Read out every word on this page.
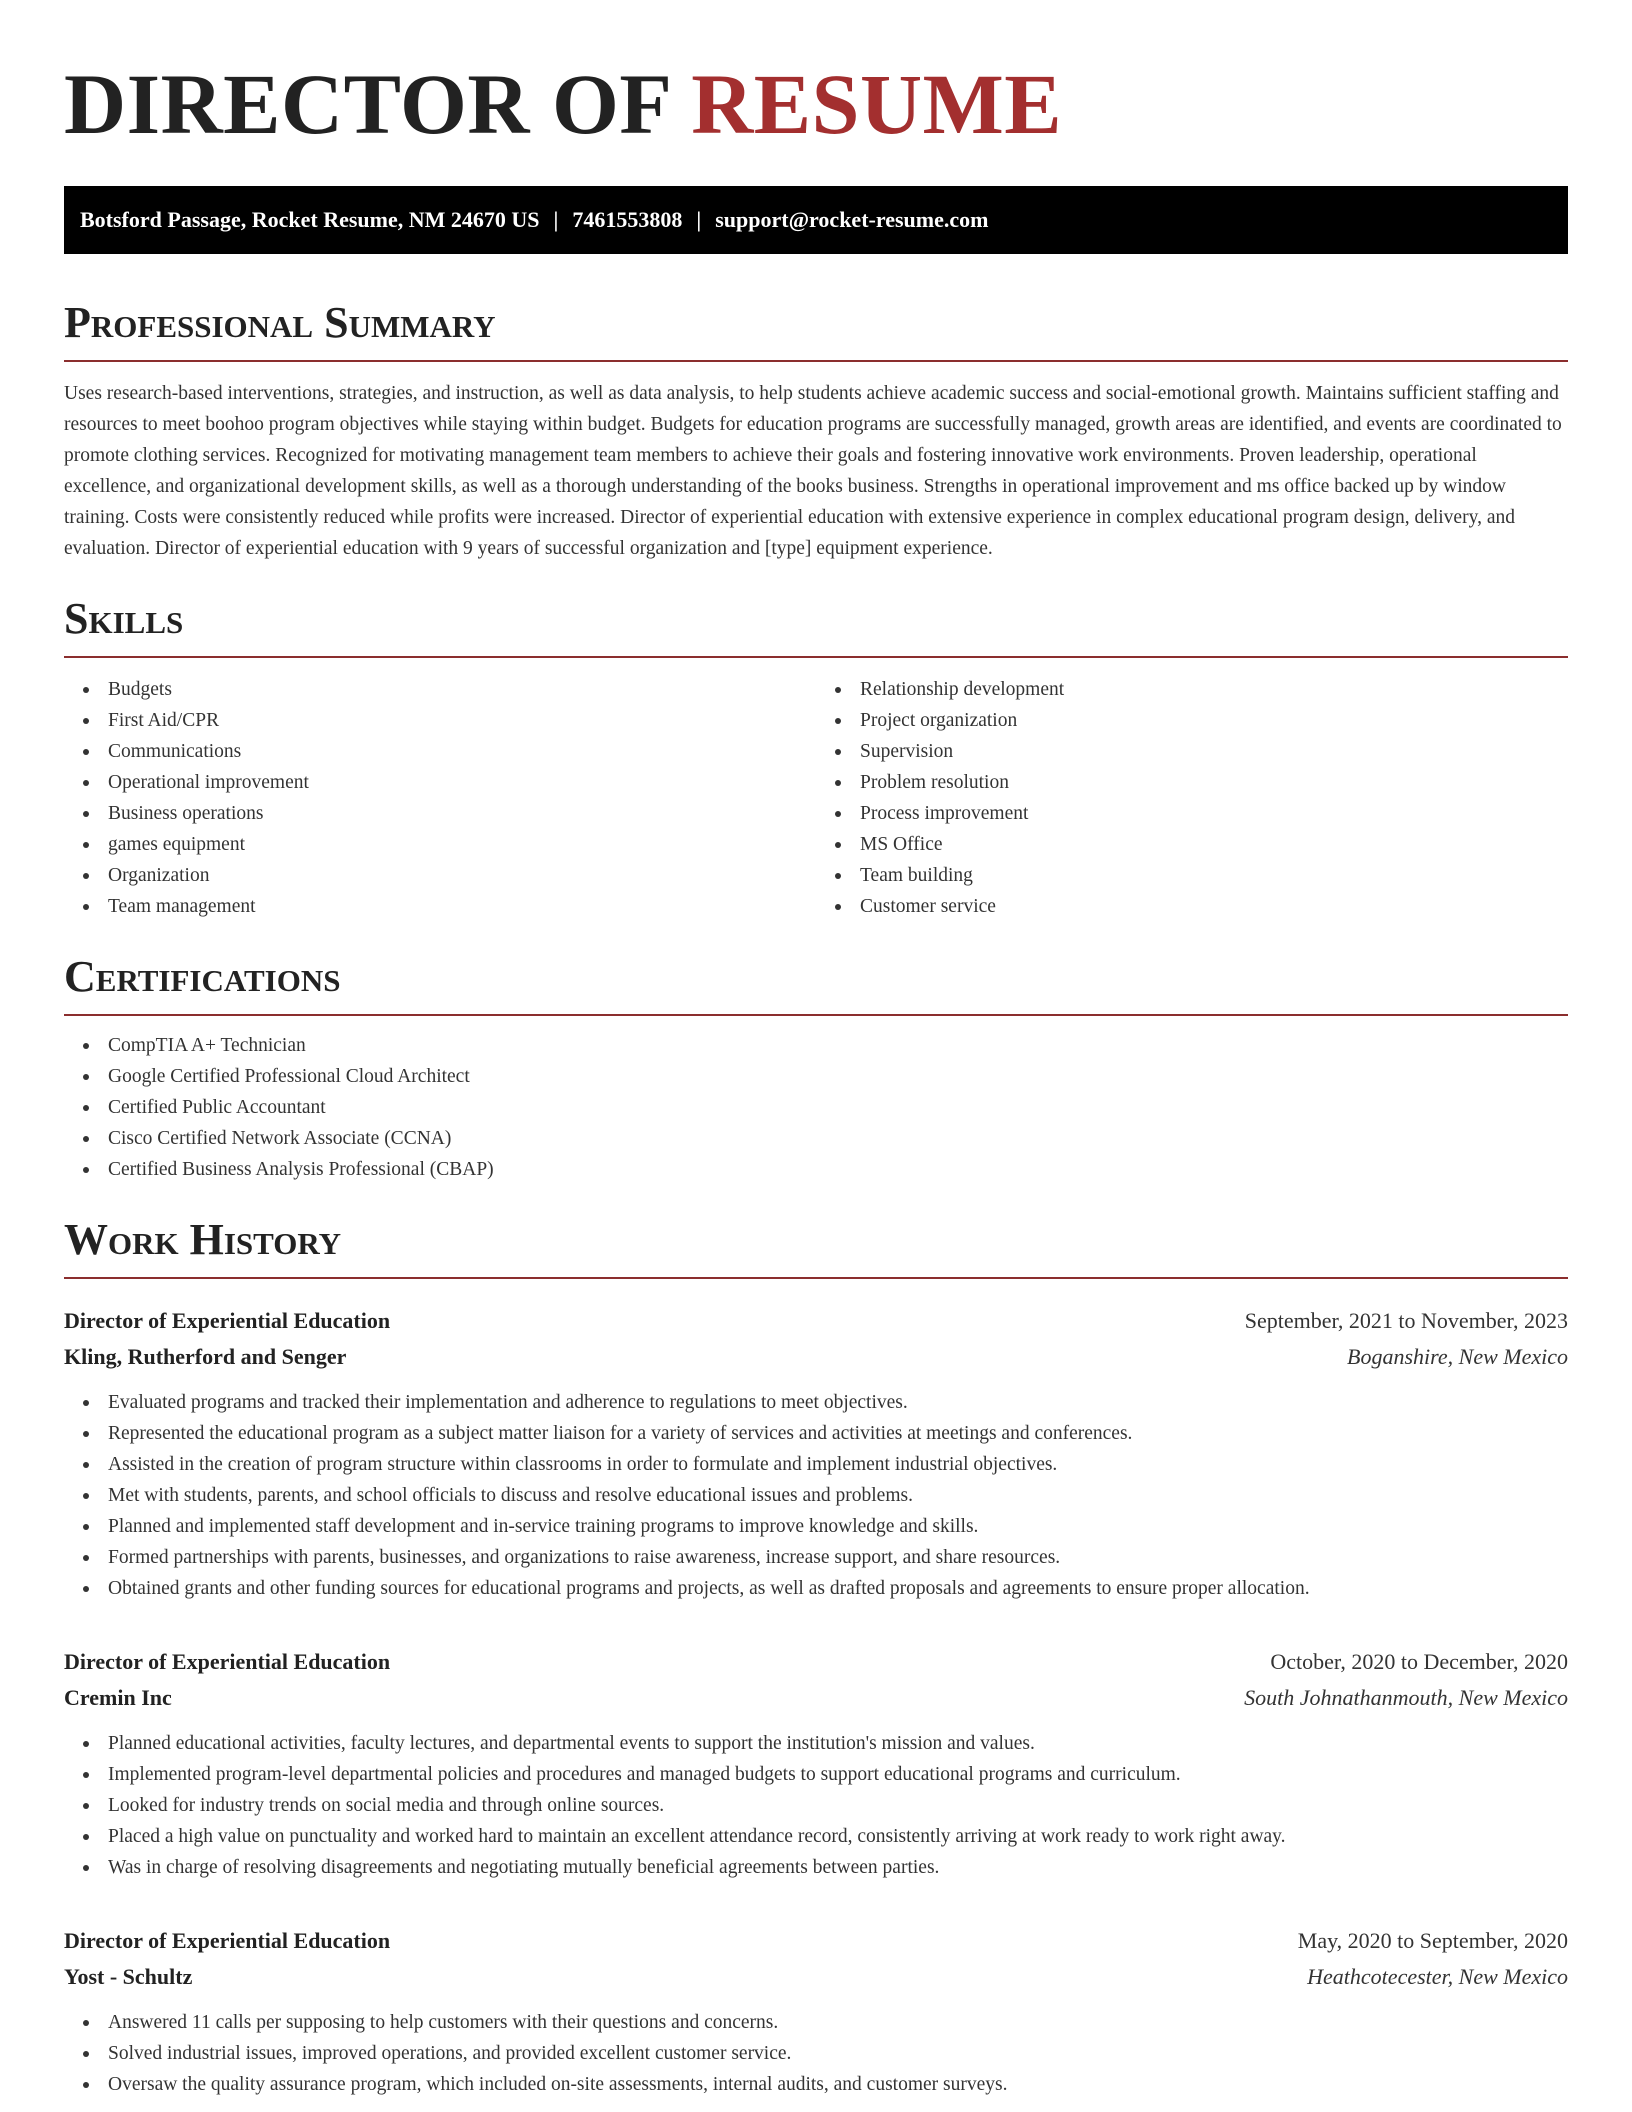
DIRECTOR OF RESUME
Botsford Passage, Rocket Resume, NM 24670 US | 7461553808 | support@rocket-resume.com
Professional Summary

Uses research-based interventions, strategies, and instruction, as well as data analysis, to help students achieve academic success and social-emotional growth. Maintains sufficient staffing and resources to meet boohoo program objectives while staying within budget. Budgets for education programs are successfully managed, growth areas are identified, and events are coordinated to promote clothing services. Recognized for motivating management team members to achieve their goals and fostering innovative work environments. Proven leadership, operational excellence, and organizational development skills, as well as a thorough understanding of the books business. Strengths in operational improvement and ms office backed up by window training. Costs were consistently reduced while profits were increased. Director of experiential education with extensive experience in complex educational program design, delivery, and evaluation. Director of experiential education with 9 years of successful organization and [type] equipment experience.

Skills
Budgets
First Aid/CPR
Communications
Operational improvement
Business operations
games equipment
Organization
Team management
Relationship development
Project organization
Supervision
Problem resolution
Process improvement
MS Office
Team building
Customer service
Certifications
CompTIA A+ Technician
Google Certified Professional Cloud Architect
Certified Public Accountant
Cisco Certified Network Associate (CCNA)
Certified Business Analysis Professional (CBAP)
Work History
Director of Experiential Education	September, 2021 to November, 2023
Kling, Rutherford and Senger	Boganshire, New Mexico
Evaluated programs and tracked their implementation and adherence to regulations to meet objectives.
Represented the educational program as a subject matter liaison for a variety of services and activities at meetings and conferences.
Assisted in the creation of program structure within classrooms in order to formulate and implement industrial objectives.
Met with students, parents, and school officials to discuss and resolve educational issues and problems.
Planned and implemented staff development and in-service training programs to improve knowledge and skills.
Formed partnerships with parents, businesses, and organizations to raise awareness, increase support, and share resources.
Obtained grants and other funding sources for educational programs and projects, as well as drafted proposals and agreements to ensure proper allocation.
Director of Experiential Education	October, 2020 to December, 2020
Cremin Inc	South Johnathanmouth, New Mexico
Planned educational activities, faculty lectures, and departmental events to support the institution's mission and values.
Implemented program-level departmental policies and procedures and managed budgets to support educational programs and curriculum.
Looked for industry trends on social media and through online sources.
Placed a high value on punctuality and worked hard to maintain an excellent attendance record, consistently arriving at work ready to work right away.
Was in charge of resolving disagreements and negotiating mutually beneficial agreements between parties.
Director of Experiential Education	May, 2020 to September, 2020
Yost - Schultz	Heathcotecester, New Mexico
Answered 11 calls per supposing to help customers with their questions and concerns.
Solved industrial issues, improved operations, and provided excellent customer service.
Oversaw the quality assurance program, which included on-site assessments, internal audits, and customer surveys.
